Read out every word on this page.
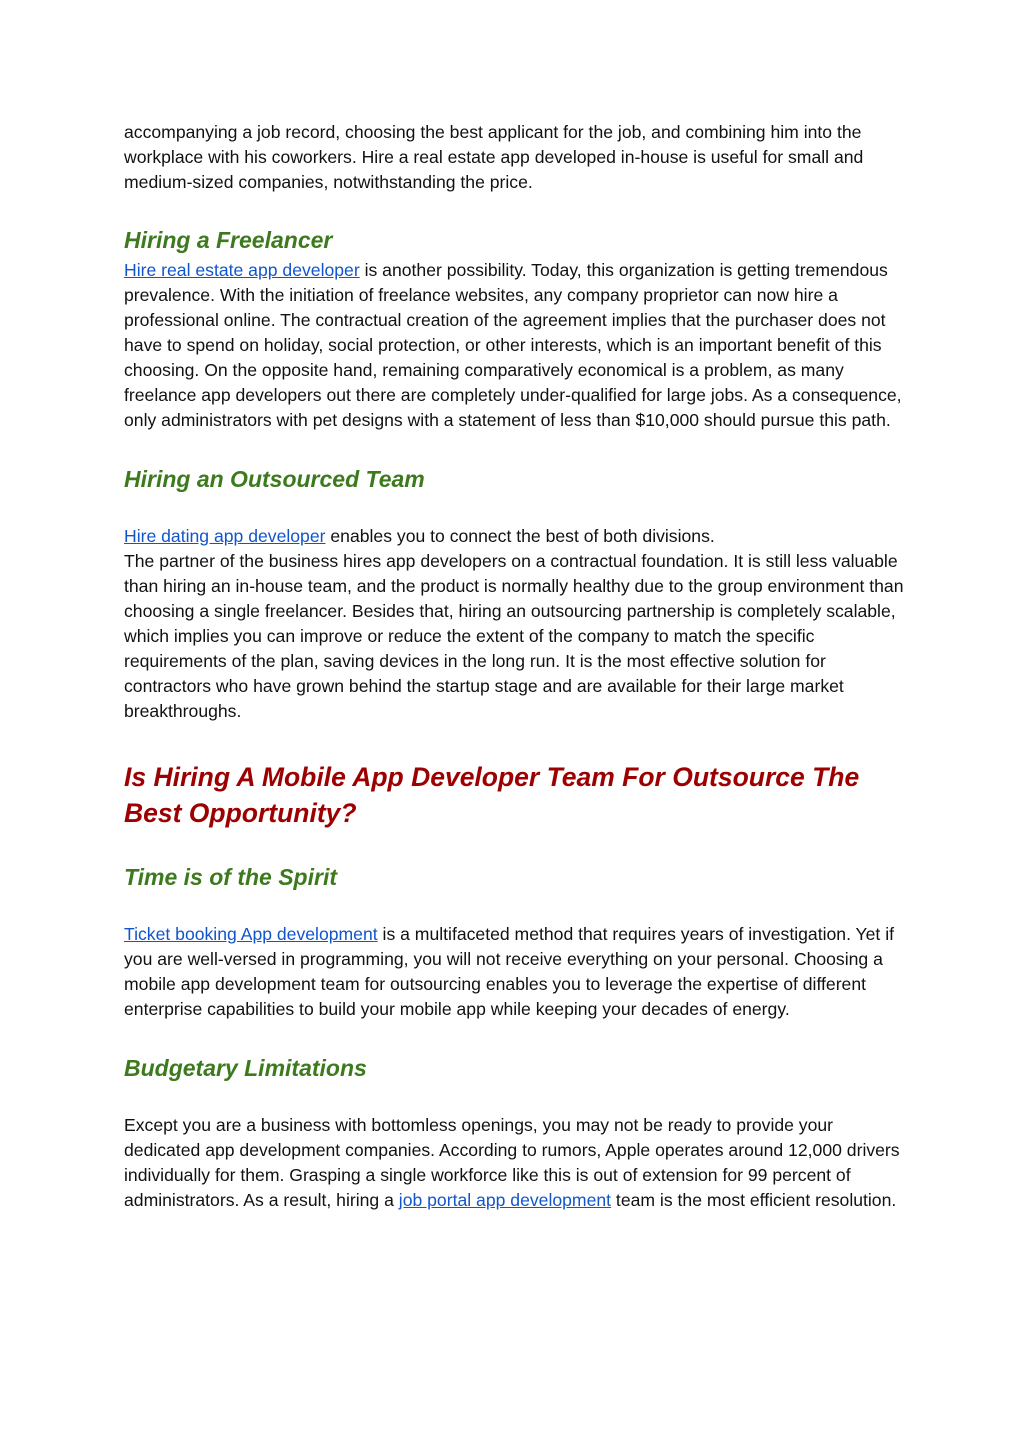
accompanying a job record, choosing the best applicant for the job, and combining him into the workplace with his coworkers. Hire a real estate app developed in-house is useful for small and medium-sized companies, notwithstanding the price.

Hiring a Freelancer

Hire real estate app developer is another possibility. Today, this organization is getting tremendous prevalence. With the initiation of freelance websites, any company proprietor can now hire a professional online. The contractual creation of the agreement implies that the purchaser does not have to spend on holiday, social protection, or other interests, which is an important benefit of this choosing. On the opposite hand, remaining comparatively economical is a problem, as many freelance app developers out there are completely under-qualified for large jobs. As a consequence, only administrators with pet designs with a statement of less than $10,000 should pursue this path.

Hiring an Outsourced Team

Hire dating app developer enables you to connect the best of both divisions.

The partner of the business hires app developers on a contractual foundation. It is still less valuable than hiring an in-house team, and the product is normally healthy due to the group environment than choosing a single freelancer. Besides that, hiring an outsourcing partnership is completely scalable, which implies you can improve or reduce the extent of the company to match the specific requirements of the plan, saving devices in the long run. It is the most effective solution for contractors who have grown behind the startup stage and are available for their large market breakthroughs.

Is Hiring A Mobile App Developer Team For Outsource The Best Opportunity?
Time is of the Spirit

Ticket booking App development is a multifaceted method that requires years of investigation. Yet if you are well-versed in programming, you will not receive everything on your personal. Choosing a mobile app development team for outsourcing enables you to leverage the expertise of different enterprise capabilities to build your mobile app while keeping your decades of energy.

Budgetary Limitations

Except you are a business with bottomless openings, you may not be ready to provide your dedicated app development companies. According to rumors, Apple operates around 12,000 drivers individually for them. Grasping a single workforce like this is out of extension for 99 percent of administrators. As a result, hiring a job portal app development team is the most efficient resolution.
